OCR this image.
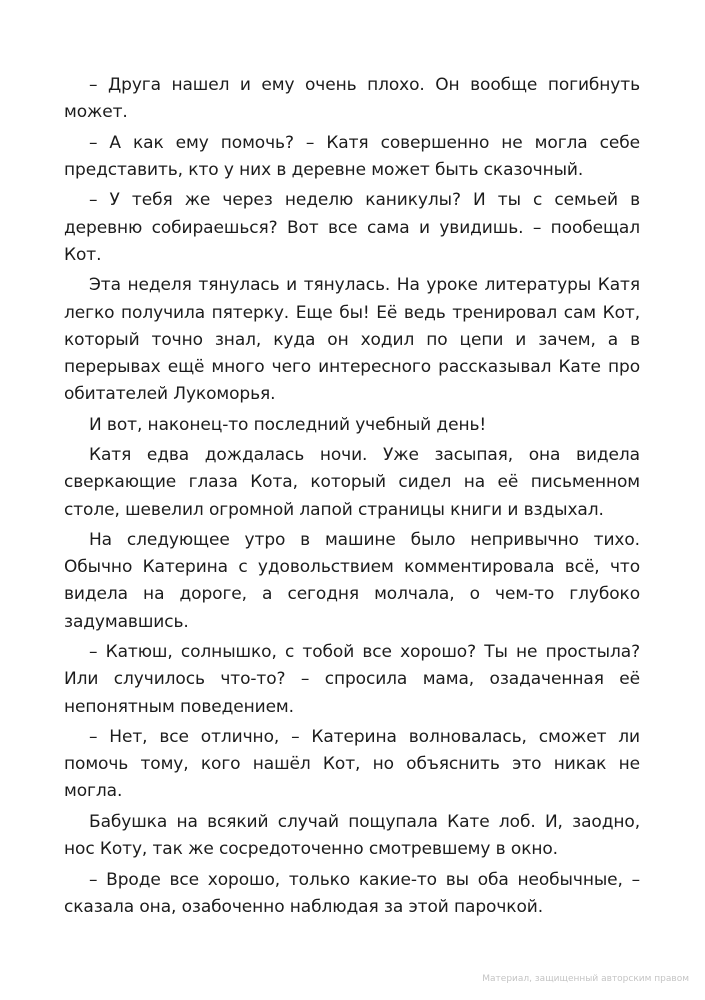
– Друга нашел и ему очень плохо. Он вообще погибнуть может.

– А как ему помочь? – Катя совершенно не могла себе представить, кто у них в деревне может быть сказочный.

– У тебя же через неделю каникулы? И ты с семьей в деревню собираешься? Вот все сама и увидишь. – пообещал Кот.

Эта неделя тянулась и тянулась. На уроке литературы Катя легко получила пятерку. Еще бы! Её ведь тренировал сам Кот, который точно знал, куда он ходил по цепи и зачем, а в перерывах ещё много чего интересного рассказывал Кате про обитателей Лукоморья.

И вот, наконец-то последний учебный день!

Катя едва дождалась ночи. Уже засыпая, она видела сверкающие глаза Кота, который сидел на её письменном столе, шевелил огромной лапой страницы книги и вздыхал.

На следующее утро в машине было непривычно тихо. Обычно Катерина с удовольствием комментировала всё, что видела на дороге, а сегодня молчала, о чем-то глубоко задумавшись.

– Катюш, солнышко, с тобой все хорошо? Ты не простыла? Или случилось что-то? – спросила мама, озадаченная её непонятным поведением.

– Нет, все отлично, – Катерина волновалась, сможет ли помочь тому, кого нашёл Кот, но объяснить это никак не могла.

Бабушка на всякий случай пощупала Кате лоб. И, заодно, нос Коту, так же сосредоточенно смотревшему в окно.

– Вроде все хорошо, только какие-то вы оба необычные, – сказала она, озабоченно наблюдая за этой парочкой.

Материал, защищенный авторским правом
